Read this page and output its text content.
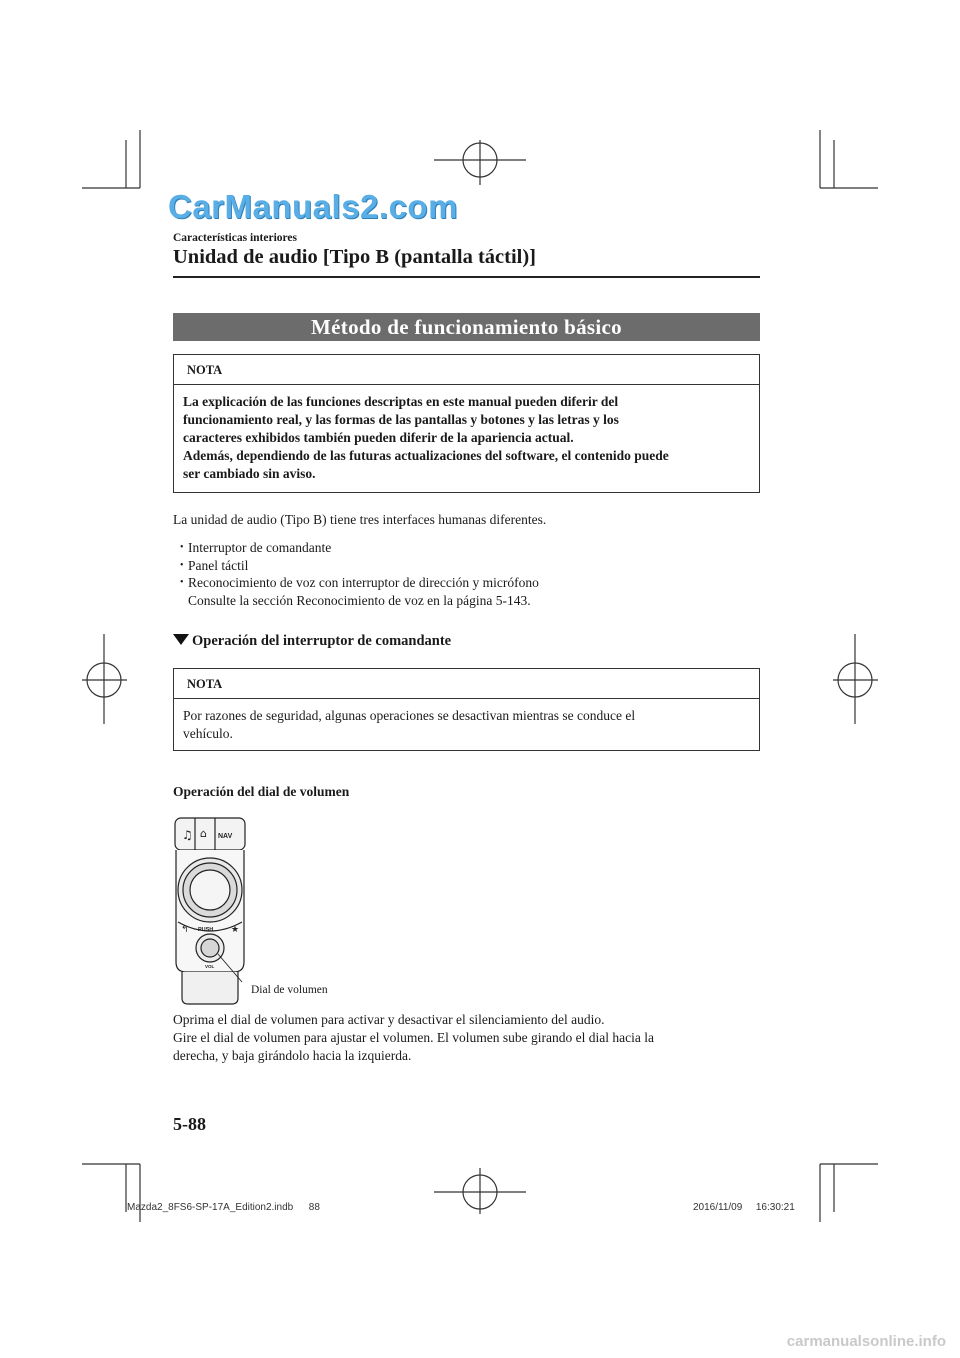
CarManuals2.com
Características interiores
Unidad de audio [Tipo B (pantalla táctil)]
Método de funcionamiento básico
NOTA
La explicación de las funciones descriptas en este manual pueden diferir del
funcionamiento real, y las formas de las pantallas y botones y las letras y los
caracteres exhibidos también pueden diferir de la apariencia actual.
Además, dependiendo de las futuras actualizaciones del software, el contenido puede
ser cambiado sin aviso.
La unidad de audio (Tipo B) tiene tres interfaces humanas diferentes.
• Interruptor de comandante
• Panel táctil
• Reconocimiento de voz con interruptor de dirección y micrófono
Consulte la sección Reconocimiento de voz en la página 5-143.
Operación del interruptor de comandante
NOTA
Por razones de seguridad, algunas operaciones se desactivan mientras se conduce el
vehículo.
Operación del dial de volumen
♫ ⌂ NAV
↰	★
PUSH
VOL
Dial de volumen
Oprima el dial de volumen para activar y desactivar el silenciamiento del audio.
Gire el dial de volumen para ajustar el volumen. El volumen sube girando el dial hacia la
derecha, y baja girándolo hacia la izquierda.
5-88
Mazda2_8FS6-SP-17A_Edition2.indb 88	2016/11/09 16:30:21
carmanualsonline.info
